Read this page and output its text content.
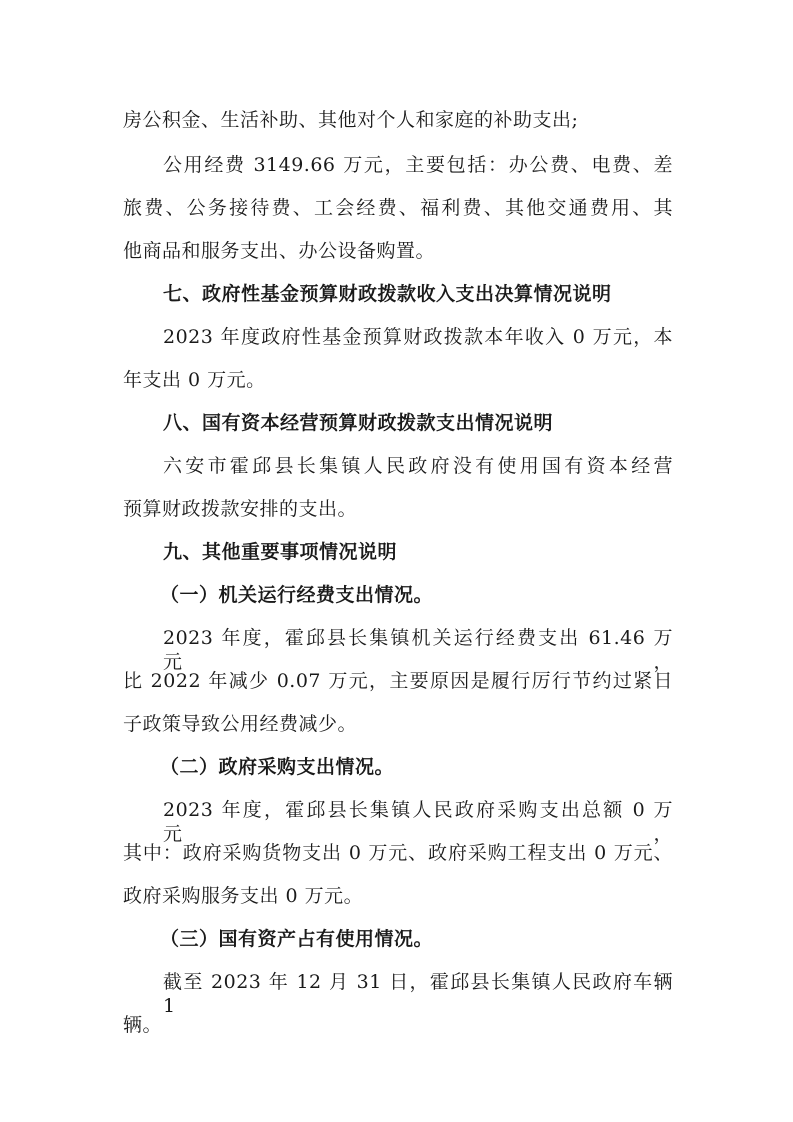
房公积金、生活补助、其他对个人和家庭的补助支出;
公用经费 3149.66 万元，主要包括：办公费、电费、差
旅费、公务接待费、工会经费、福利费、其他交通费用、其
他商品和服务支出、办公设备购置。
七、政府性基金预算财政拨款收入支出决算情况说明
2023 年度政府性基金预算财政拨款本年收入 0 万元，本
年支出 0 万元。
八、国有资本经营预算财政拨款支出情况说明
六安市霍邱县长集镇人民政府没有使用国有资本经营
预算财政拨款安排的支出。
九、其他重要事项情况说明
（一）机关运行经费支出情况。
2023 年度，霍邱县长集镇机关运行经费支出 61.46 万元，
比 2022 年减少 0.07 万元，主要原因是履行厉行节约过紧日
子政策导致公用经费减少。
（二）政府采购支出情况。
2023 年度，霍邱县长集镇人民政府采购支出总额 0 万元，
其中：政府采购货物支出 0 万元、政府采购工程支出 0 万元、
政府采购服务支出 0 万元。
（三）国有资产占有使用情况。
截至 2023 年 12 月 31 日，霍邱县长集镇人民政府车辆 1
辆。
